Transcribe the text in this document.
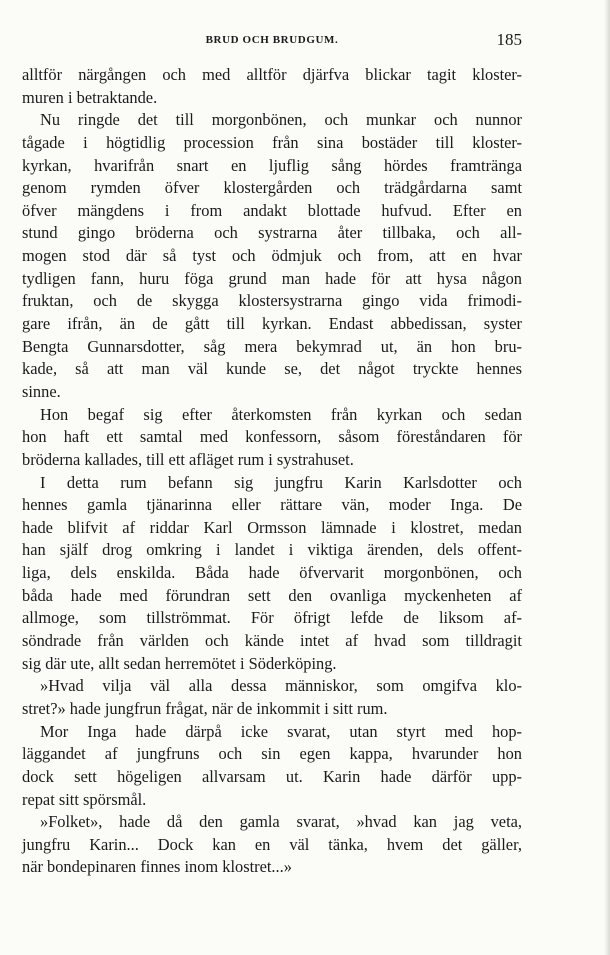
BRUD OCH BRUDGUM.	185
alltför närgången och med alltför djärfva blickar tagit kloster-
muren i betraktande.
Nu ringde det till morgonbönen, och munkar och nunnor
tågade i högtidlig procession från sina bostäder till kloster-
kyrkan, hvarifrån snart en ljuflig sång hördes framtränga
genom rymden öfver klostergården och trädgårdarna samt
öfver mängdens i from andakt blottade hufvud. Efter en
stund gingo bröderna och systrarna åter tillbaka, och all-
mogen stod där så tyst och ödmjuk och from, att en hvar
tydligen fann, huru föga grund man hade för att hysa någon
fruktan, och de skygga klostersystrarna gingo vida frimodi-
gare ifrån, än de gått till kyrkan. Endast abbedissan, syster
Bengta Gunnarsdotter, såg mera bekymrad ut, än hon bru-
kade, så att man väl kunde se, det något tryckte hennes
sinne.
Hon begaf sig efter återkomsten från kyrkan och sedan
hon haft ett samtal med konfessorn, såsom föreståndaren för
bröderna kallades, till ett afläget rum i systrahuset.
I detta rum befann sig jungfru Karin Karlsdotter och
hennes gamla tjänarinna eller rättare vän, moder Inga. De
hade blifvit af riddar Karl Ormsson lämnade i klostret, medan
han själf drog omkring i landet i viktiga ärenden, dels offent-
liga, dels enskilda. Båda hade öfvervarit morgonbönen, och
båda hade med förundran sett den ovanliga myckenheten af
allmoge, som tillströmmat. För öfrigt lefde de liksom af-
söndrade från världen och kände intet af hvad som tilldragit
sig där ute, allt sedan herremötet i Söderköping.
»Hvad vilja väl alla dessa människor, som omgifva klo-
stret?» hade jungfrun frågat, när de inkommit i sitt rum.
Mor Inga hade därpå icke svarat, utan styrt med hop-
läggandet af jungfruns och sin egen kappa, hvarunder hon
dock sett högeligen allvarsam ut. Karin hade därför upp-
repat sitt spörsmål.
»Folket», hade då den gamla svarat, »hvad kan jag veta,
jungfru Karin... Dock kan en väl tänka, hvem det gäller,
när bondepinaren finnes inom klostret...»
